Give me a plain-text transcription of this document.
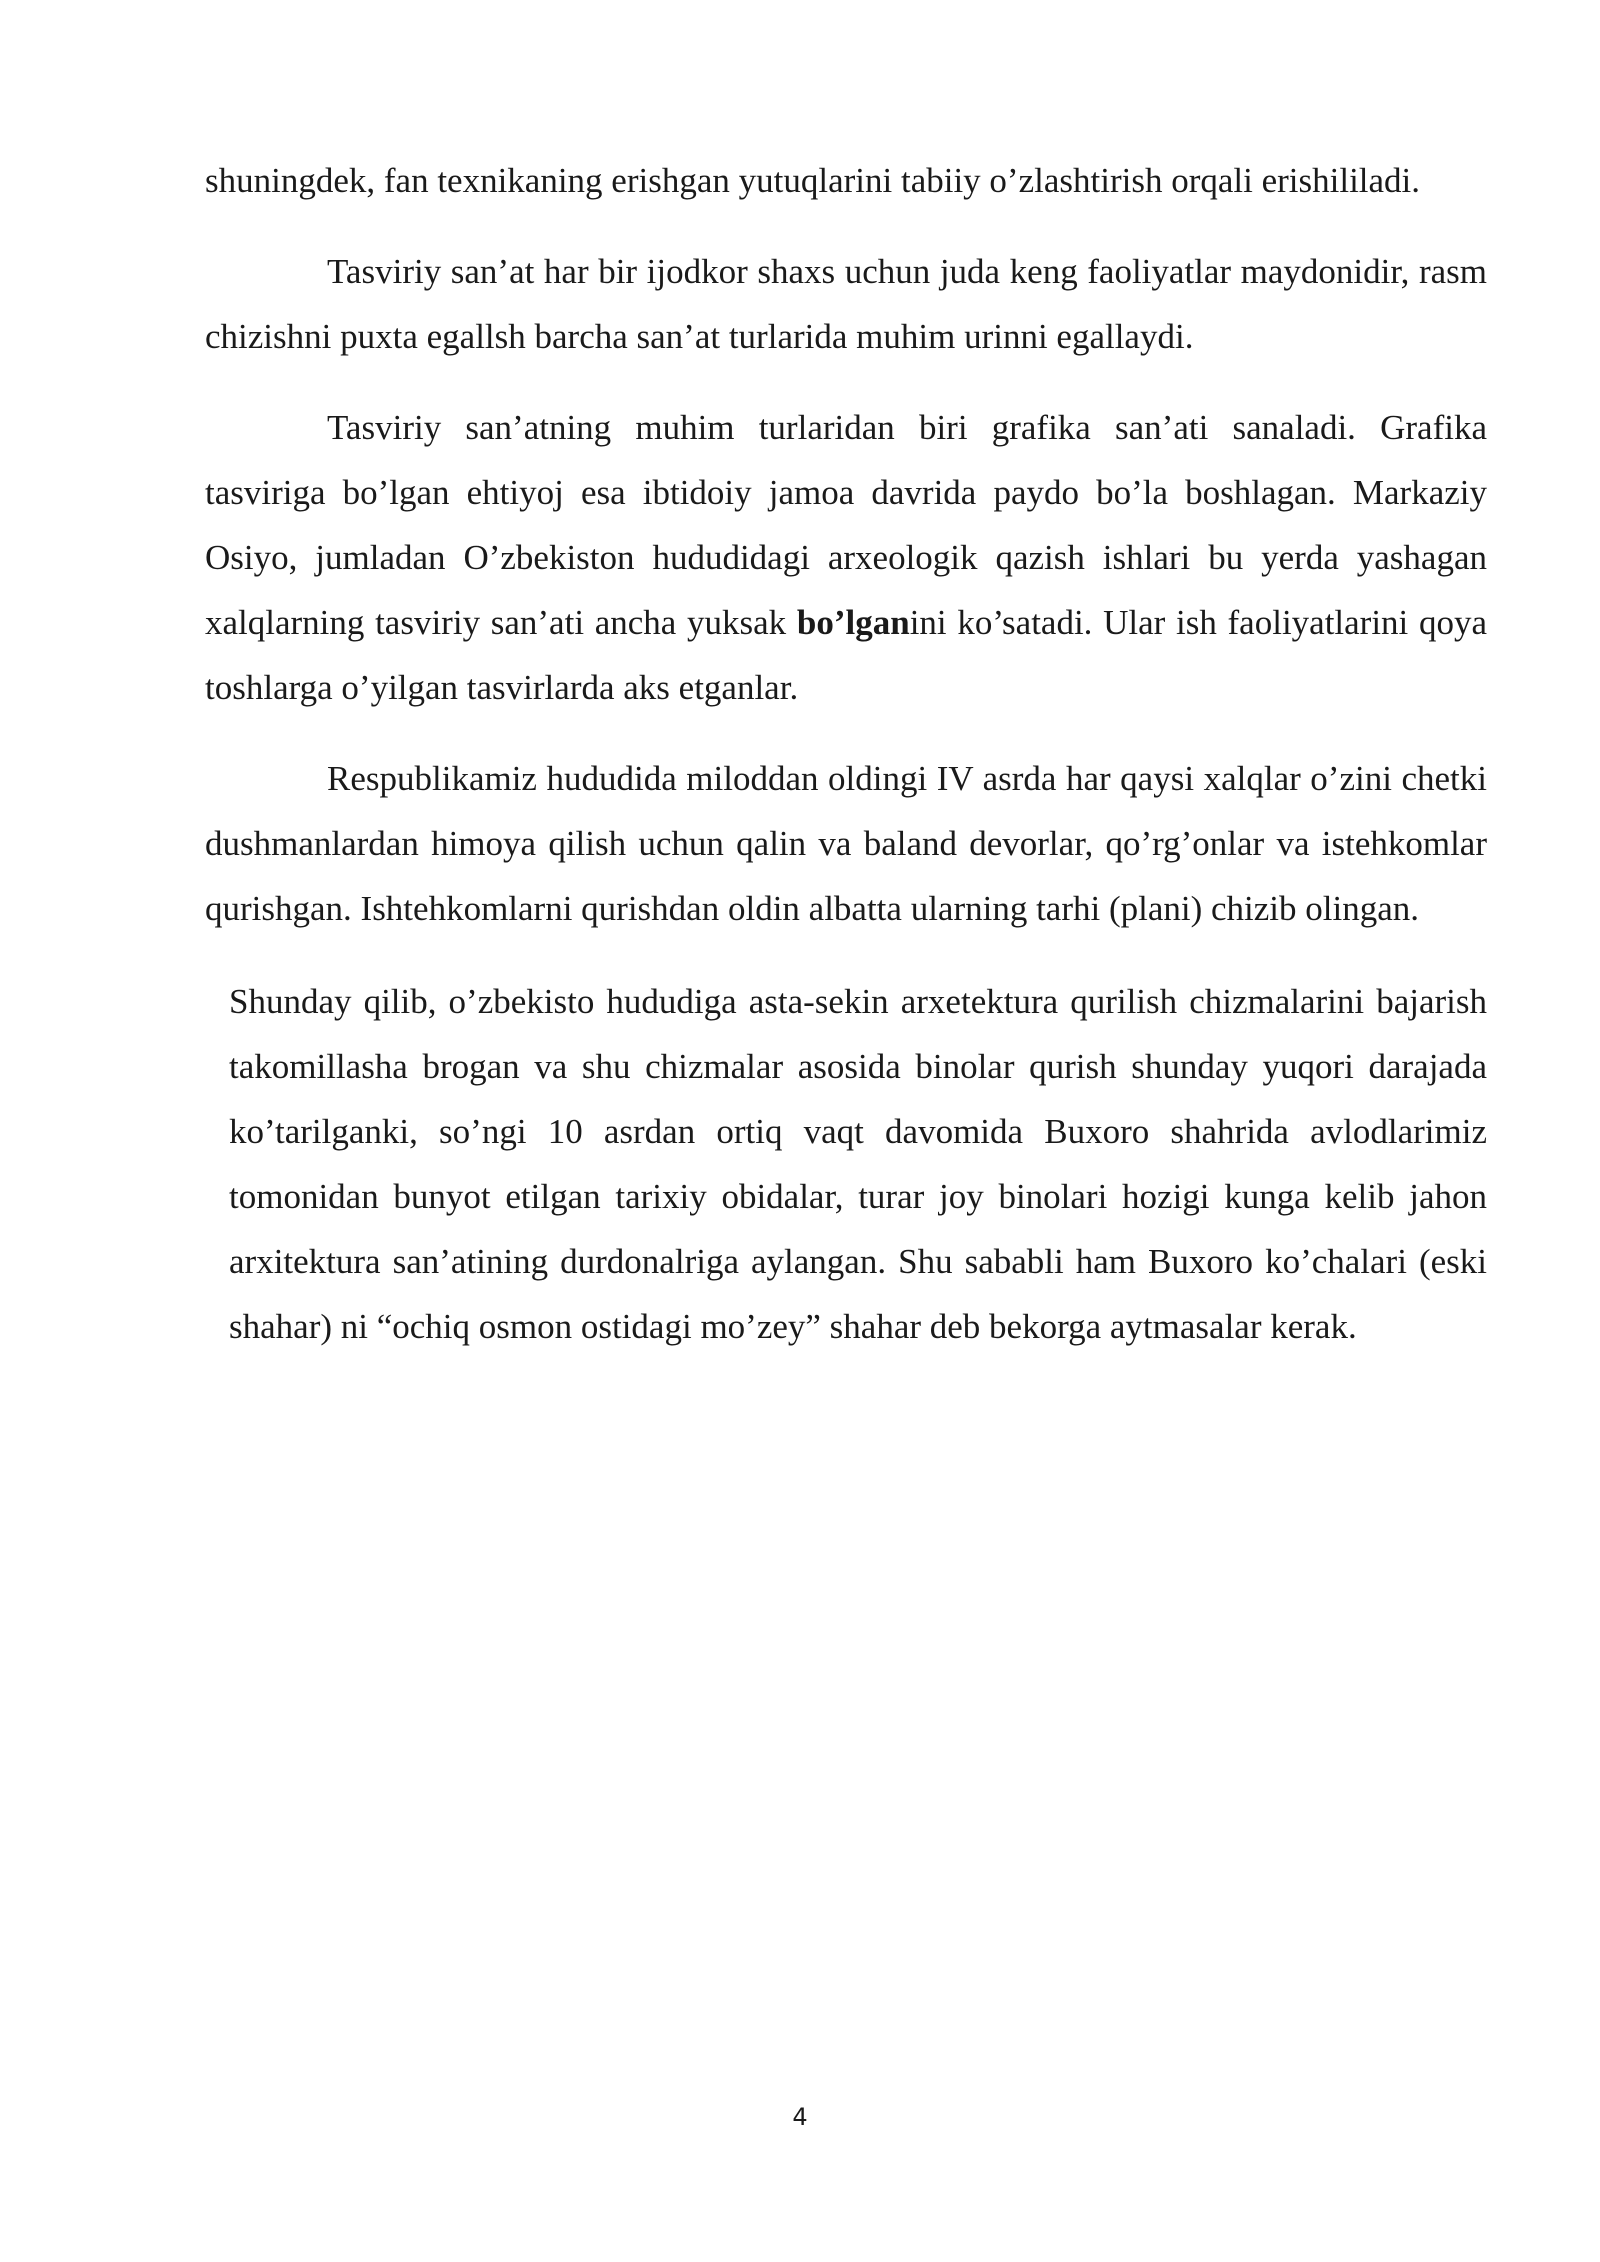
shuningdek, fan texnikaning erishgan yutuqlarini tabiiy o’zlashtirish orqali erishililadi.

Tasviriy san’at har bir ijodkor shaxs uchun juda keng faoliyatlar maydonidir, rasm chizishni puxta egallsh barcha san’at turlarida muhim urinni egallaydi.

Tasviriy san’atning muhim turlaridan biri grafika san’ati sanaladi. Grafika tasviriga bo’lgan ehtiyoj esa ibtidoiy jamoa davrida paydo bo’la boshlagan. Markaziy Osiyo, jumladan O’zbekiston hududidagi arxeologik qazish ishlari bu yerda yashagan xalqlarning tasviriy san’ati ancha yuksak bo’lganini ko’satadi. Ular ish faoliyatlarini qoya toshlarga o’yilgan tasvirlarda aks etganlar.

Respublikamiz hududida miloddan oldingi IV asrda har qaysi xalqlar o’zini chetki dushmanlardan himoya qilish uchun qalin va baland devorlar, qo’rg’onlar va istehkomlar qurishgan. Ishtehkomlarni qurishdan oldin albatta ularning tarhi (plani) chizib olingan.

Shunday qilib, o’zbekisto hududiga asta-sekin arxetektura qurilish chizmalarini bajarish takomillasha brogan va shu chizmalar asosida binolar qurish shunday yuqori darajada ko’tarilganki, so’ngi 10 asrdan ortiq vaqt davomida Buxoro shahrida avlodlarimiz tomonidan bunyot etilgan tarixiy obidalar, turar joy binolari hozigi kunga kelib jahon arxitektura san’atining durdonalriga aylangan. Shu sababli ham Buxoro ko’chalari (eski shahar) ni “ochiq osmon ostidagi mo’zey” shahar deb bekorga aytmasalar kerak.

4
